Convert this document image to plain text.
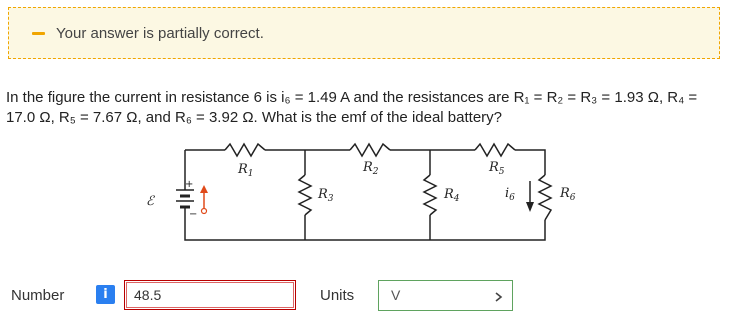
Your answer is partially correct.
In the figure the current in resistance 6 is i₆ = 1.49 A and the resistances are R₁ = R₂ = R₃ = 1.93 Ω, R₄ =
17.0 Ω, R₅ = 7.67 Ω, and R₆ = 3.92 Ω. What is the emf of the ideal battery?
+
−
ℰ
$R_1$	$R_2$	$R_5$
$R_3$	$R_4$	$R_6$
$i_6$
Number	i
48.5	Units	V
